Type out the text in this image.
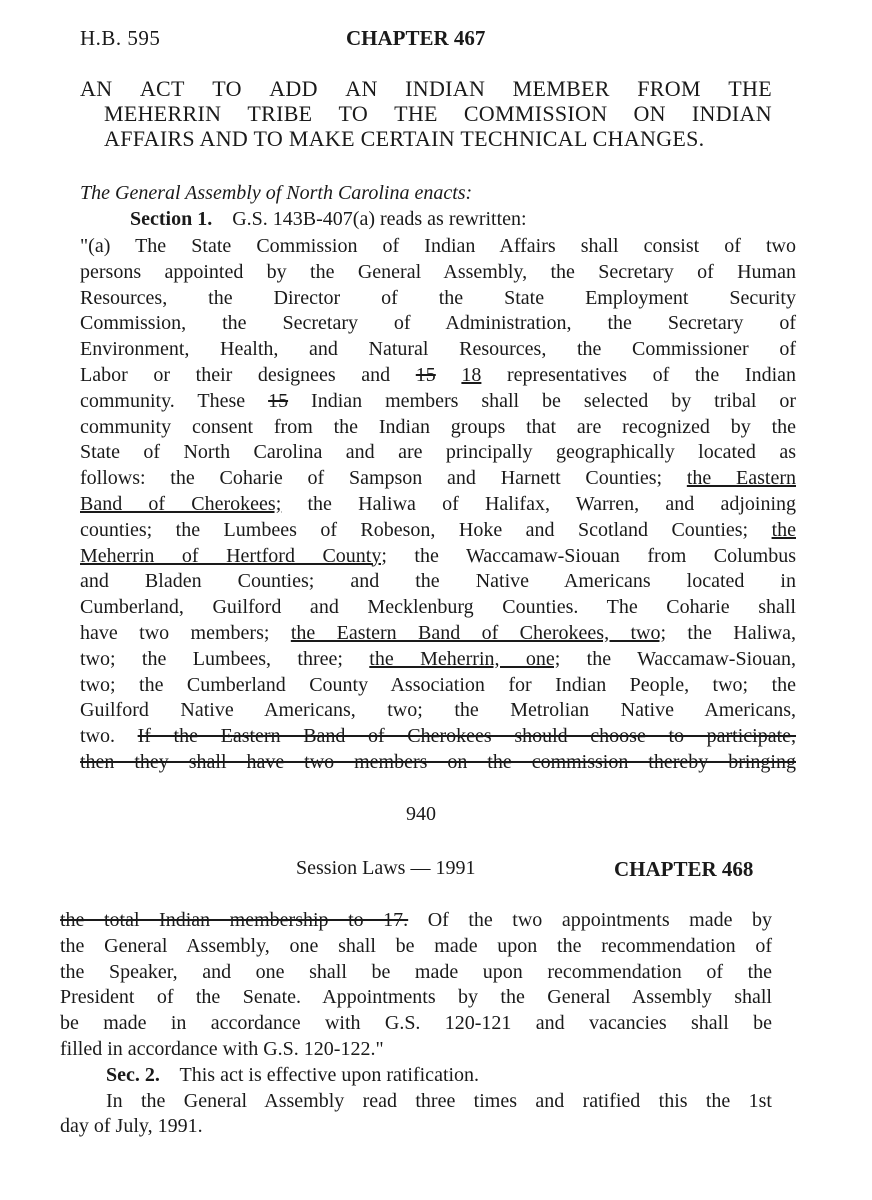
H.B. 595	CHAPTER 467
AN ACT TO ADD AN INDIAN MEMBER FROM THE
MEHERRIN TRIBE TO THE COMMISSION ON INDIAN
AFFAIRS AND TO MAKE CERTAIN TECHNICAL CHANGES.
The General Assembly of North Carolina enacts:
Section 1. G.S. 143B-407(a) reads as rewritten:
"(a) The State Commission of Indian Affairs shall consist of two
persons appointed by the General Assembly, the Secretary of Human
Resources, the Director of the State Employment Security
Commission, the Secretary of Administration, the Secretary of
Environment, Health, and Natural Resources, the Commissioner of
Labor or their designees and 15 18 representatives of the Indian
community. These 15 Indian members shall be selected by tribal or
community consent from the Indian groups that are recognized by the
State of North Carolina and are principally geographically located as
follows: the Coharie of Sampson and Harnett Counties; the Eastern
Band of Cherokees; the Haliwa of Halifax, Warren, and adjoining
counties; the Lumbees of Robeson, Hoke and Scotland Counties; the
Meherrin of Hertford County; the Waccamaw-Siouan from Columbus
and Bladen Counties; and the Native Americans located in
Cumberland, Guilford and Mecklenburg Counties. The Coharie shall
have two members; the Eastern Band of Cherokees, two; the Haliwa,
two; the Lumbees, three; the Meherrin, one; the Waccamaw-Siouan,
two; the Cumberland County Association for Indian People, two; the
Guilford Native Americans, two; the Metrolian Native Americans,
two. If the Eastern Band of Cherokees should choose to participate,
then they shall have two members on the commission thereby bringing
940
Session Laws — 1991	CHAPTER 468
the total Indian membership to 17. Of the two appointments made by
the General Assembly, one shall be made upon the recommendation of
the Speaker, and one shall be made upon recommendation of the
President of the Senate. Appointments by the General Assembly shall
be made in accordance with G.S. 120-121 and vacancies shall be
filled in accordance with G.S. 120-122."
Sec. 2. This act is effective upon ratification.
In the General Assembly read three times and ratified this the 1st
day of July, 1991.
